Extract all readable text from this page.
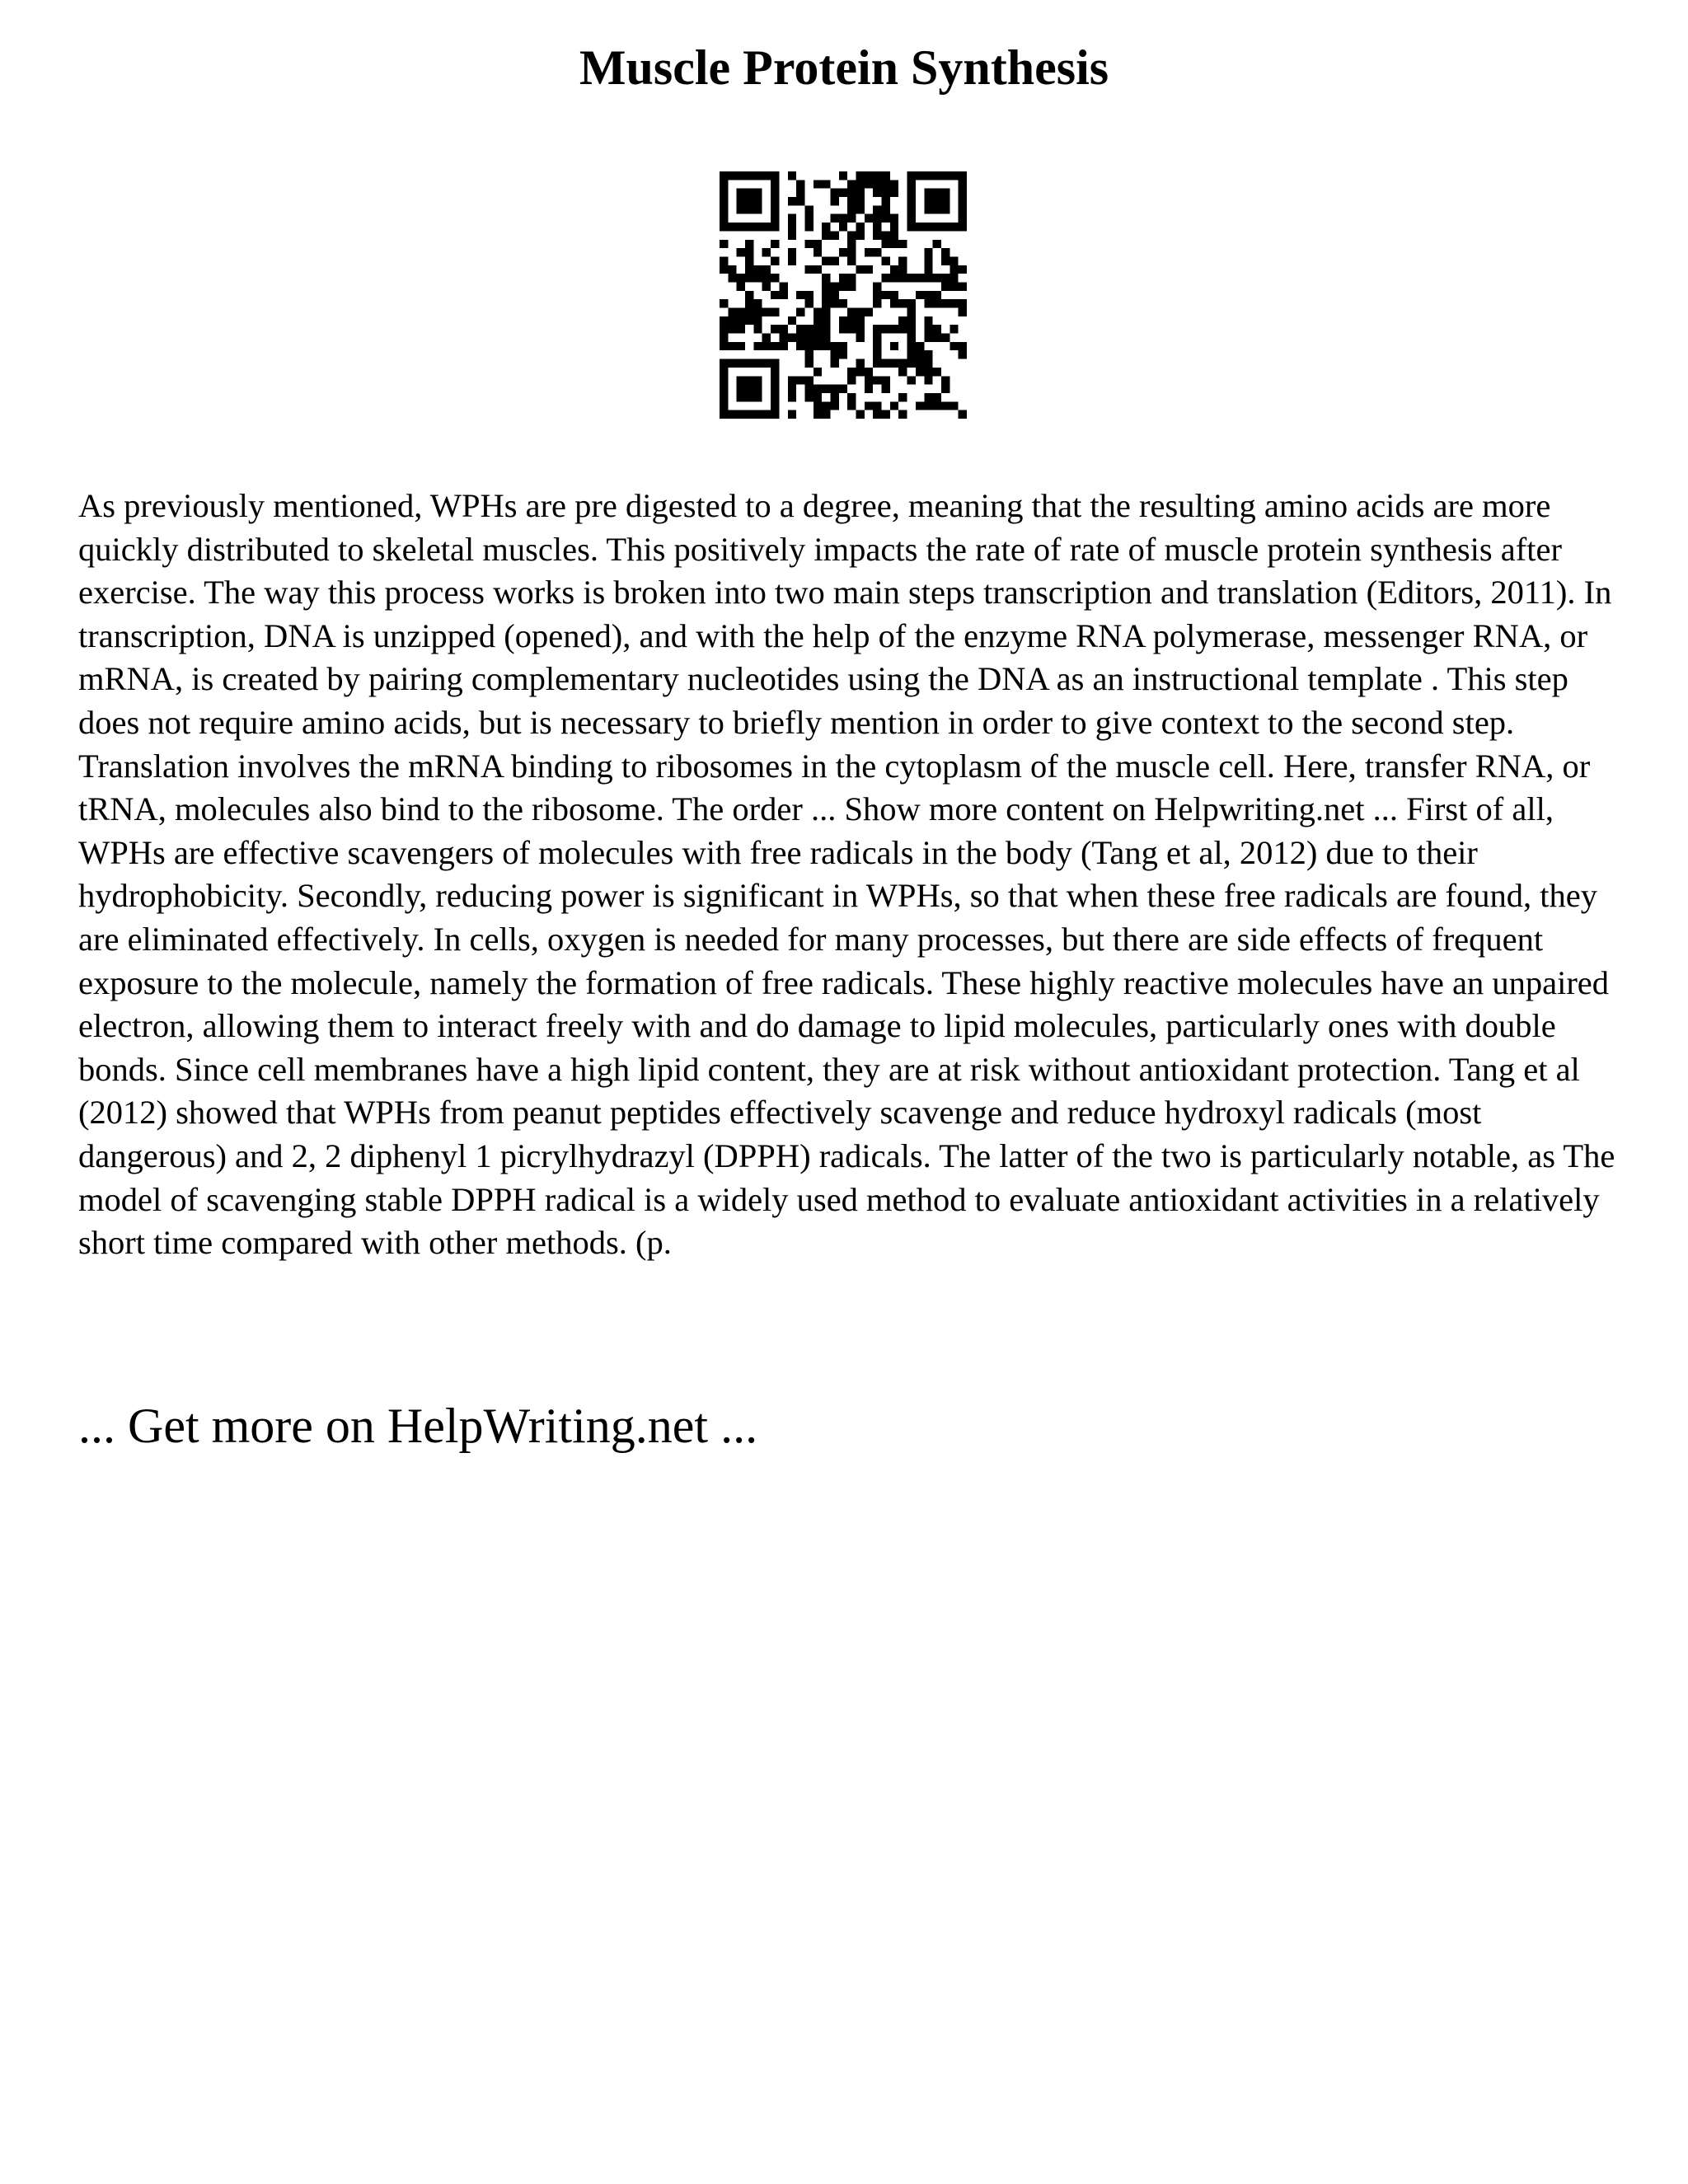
Muscle Protein Synthesis

As previously mentioned, WPHs are pre digested to a degree, meaning that the resulting amino acids are more quickly distributed to skeletal muscles. This positively impacts the rate of rate of muscle protein synthesis after exercise. The way this process works is broken into two main steps transcription and translation (Editors, 2011). In transcription, DNA is unzipped (opened), and with the help of the enzyme RNA polymerase, messenger RNA, or mRNA, is created by pairing complementary nucleotides using the DNA as an instructional template . This step does not require amino acids, but is necessary to briefly mention in order to give context to the second step. Translation involves the mRNA binding to ribosomes in the cytoplasm of the muscle cell. Here, transfer RNA, or tRNA, molecules also bind to the ribosome. The order ... Show more content on Helpwriting.net ... First of all, WPHs are effective scavengers of molecules with free radicals in the body (Tang et al, 2012) due to their hydrophobicity. Secondly, reducing power is significant in WPHs, so that when these free radicals are found, they are eliminated effectively. In cells, oxygen is needed for many processes, but there are side effects of frequent exposure to the molecule, namely the formation of free radicals. These highly reactive molecules have an unpaired electron, allowing them to interact freely with and do damage to lipid molecules, particularly ones with double bonds. Since cell membranes have a high lipid content, they are at risk without antioxidant protection. Tang et al (2012) showed that WPHs from peanut peptides effectively scavenge and reduce hydroxyl radicals (most dangerous) and 2, 2 diphenyl 1 picrylhydrazyl (DPPH) radicals. The latter of the two is particularly notable, as The model of scavenging stable DPPH radical is a widely used method to evaluate antioxidant activities in a relatively short time compared with other methods. (p.

... Get more on HelpWriting.net ...
